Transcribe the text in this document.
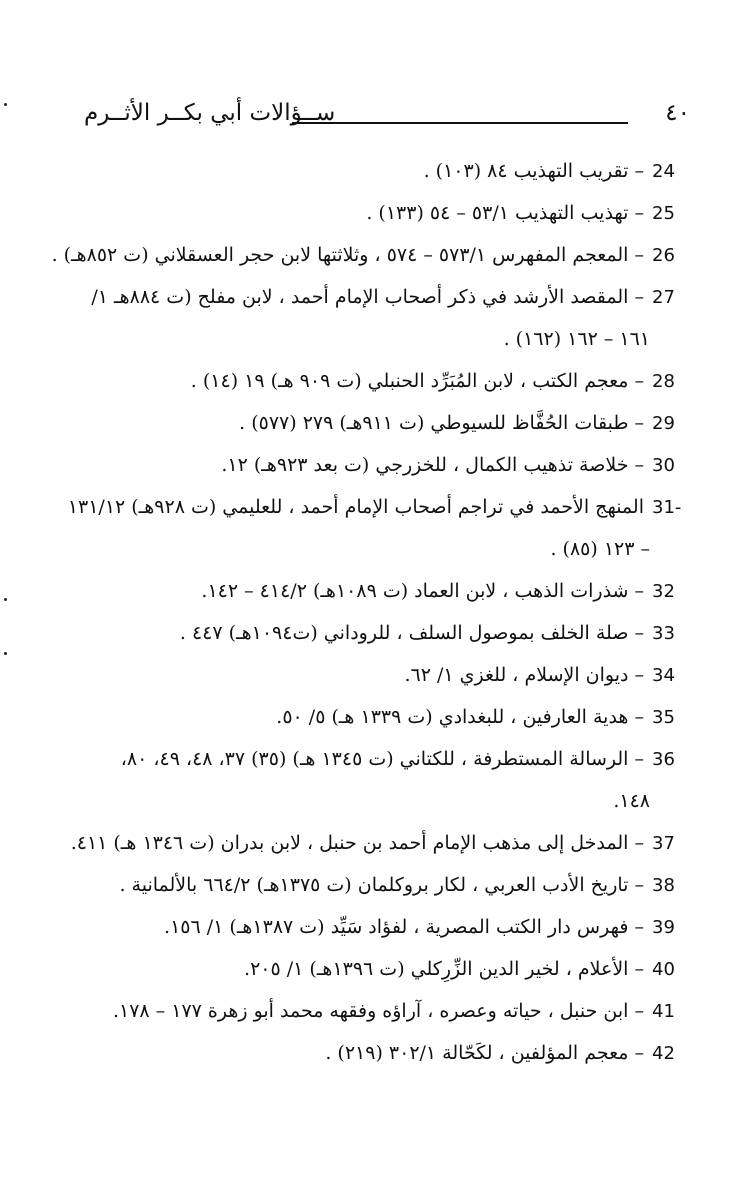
ســؤالات أبي بكــر الأثــرم	٤٠
24
– تقريب التهذيب ٨٤ (١٠٣) .
25
– تهذيب التهذيب ٥٣/١ – ٥٤ (١٣٣) .
26
– المعجم المفهرس ٥٧٣/١ – ٥٧٤ ، وثلاثتها لابن حجر العسقلاني (ت ٨٥٢هـ) .
27
– المقصد الأرشد في ذكر أصحاب الإمام أحمد ، لابن مفلح (ت ٨٨٤هـ ١/
١٦١ – ١٦٢ (١٦٢) .
28
– معجم الكتب ، لابن المُبَرِّد الحنبلي (ت ٩٠٩ هـ) ١٩ (١٤) .
29
– طبقات الحُفَّاظ للسيوطي (ت ٩١١هـ) ٢٧٩ (٥٧٧) .
30
– خلاصة تذهيب الكمال ، للخزرجي (ت بعد ٩٢٣هـ) ١٢.
31-
المنهج الأحمد في تراجم أصحاب الإمام أحمد ، للعليمي (ت ٩٢٨هـ) ١٣١/١٢
– ١٢٣ (٨٥) .
32
– شذرات الذهب ، لابن العماد (ت ١٠٨٩هـ) ٤١٤/٢ – ١٤٢.
33
– صلة الخلف بموصول السلف ، للروداني (ت١٠٩٤هـ) ٤٤٧ .
34
– ديوان الإسلام ، للغزي ١/ ٦٢.
35
– هدية العارفين ، للبغدادي (ت ١٣٣٩ هـ) ٥/ ٥٠.
36
– الرسالة المستطرفة ، للكتاني (ت ١٣٤٥ هـ) (٣٥) ٣٧، ٤٨، ٤٩، ٨٠،
١٤٨.
37
– المدخل إلى مذهب الإمام أحمد بن حنبل ، لابن بدران (ت ١٣٤٦ هـ) ٤١١.
38
– تاريخ الأدب العربي ، لكار بروكلمان (ت ١٣٧٥هـ) ٦٦٤/٢ بالألمانية .
39
– فهرس دار الكتب المصرية ، لفؤاد سَيِّد (ت ١٣٨٧هـ) ١/ ١٥٦.
40
– الأعلام ، لخير الدين الزِّرِكلي (ت ١٣٩٦هـ) ١/ ٢٠٥.
41
– ابن حنبل ، حياته وعصره ، آراؤه وفقهه محمد أبو زهرة ١٧٧ – ١٧٨.
42
– معجم المؤلفين ، لكَحّالة ٣٠٢/١ (٢١٩) .
